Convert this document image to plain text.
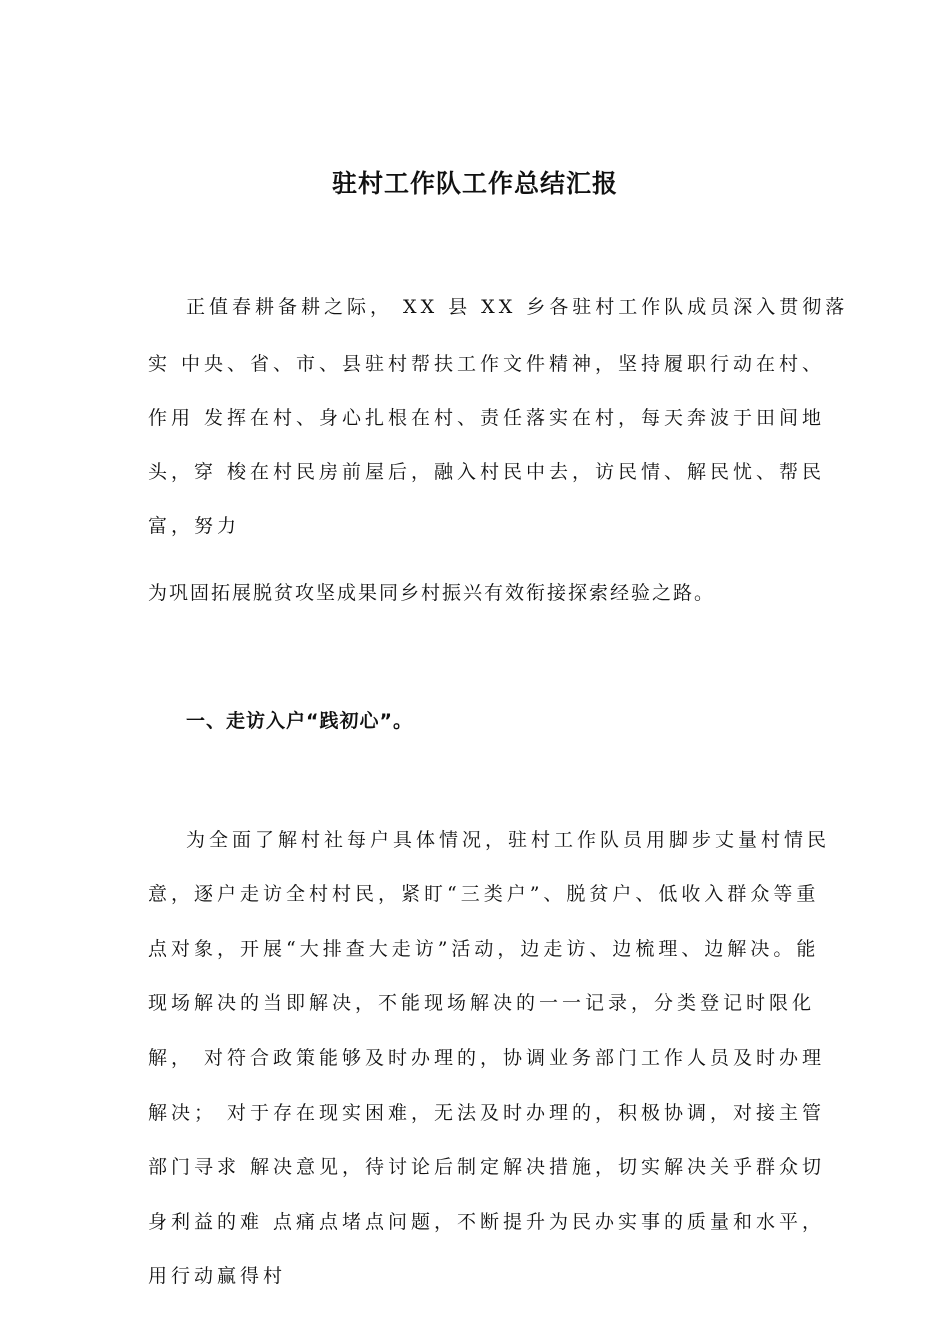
驻村工作队工作总结汇报
正值春耕备耕之际， XX 县 XX 乡各驻村工作队成员深入贯彻落
实 中央、省、市、县驻村帮扶工作文件精神，坚持履职行动在村、
作用 发挥在村、身心扎根在村、责任落实在村，每天奔波于田间地
头，穿 梭在村民房前屋后，融入村民中去，访民情、解民忧、帮民
富，努力
为巩固拓展脱贫攻坚成果同乡村振兴有效衔接探索经验之路。
一、走访入户“践初心”。
为全面了解村社每户具体情况，驻村工作队员用脚步丈量村情民
意，逐户走访全村村民，紧盯“三类户”、脱贫户、低收入群众等重
点对象，开展“大排查大走访”活动，边走访、边梳理、边解决。能
现场解决的当即解决，不能现场解决的一一记录，分类登记时限化
解， 对符合政策能够及时办理的，协调业务部门工作人员及时办理
解决； 对于存在现实困难，无法及时办理的，积极协调，对接主管
部门寻求 解决意见，待讨论后制定解决措施，切实解决关乎群众切
身利益的难 点痛点堵点问题，不断提升为民办实事的质量和水平，
用行动赢得村
